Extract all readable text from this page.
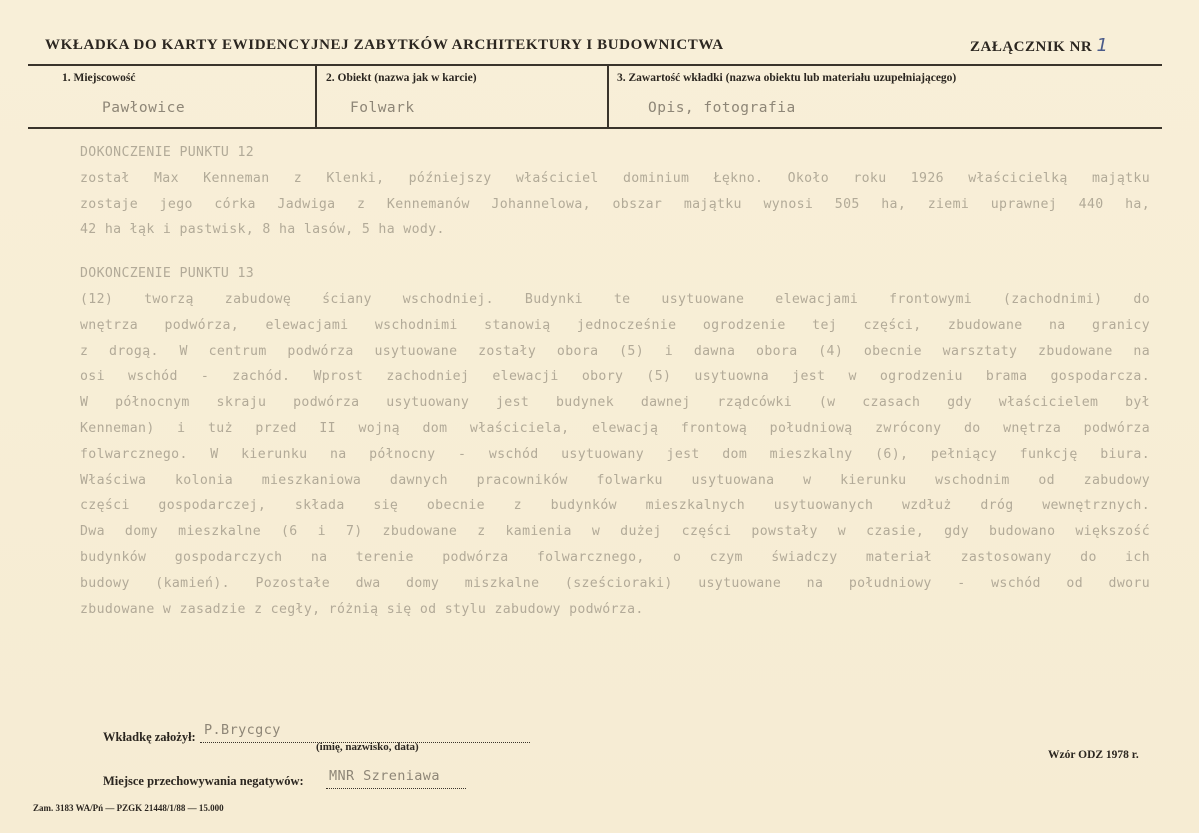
WKŁADKA DO KARTY EWIDENCYJNEJ ZABYTKÓW ARCHITEKTURY I BUDOWNICTWA	ZAŁĄCZNIK NR 1
1. Miejscowość
Pawłowice
2. Obiekt (nazwa jak w karcie)
Folwark
3. Zawartość wkładki (nazwa obiektu lub materiału uzupełniającego)
Opis, fotografia

DOKONCZENIE PUNKTU 12

został Max Kenneman z Klenki, późniejszy właściciel dominium Łękno. Około roku 1926 właścicielką majątku

zostaje jego córka Jadwiga z Kennemanów Johannelowa, obszar majątku wynosi 505 ha, ziemi uprawnej 440 ha,

42 ha łąk i pastwisk, 8 ha lasów, 5 ha wody.

DOKONCZENIE PUNKTU 13

(12) tworzą zabudowę ściany wschodniej. Budynki te usytuowane elewacjami frontowymi (zachodnimi) do

wnętrza podwórza, elewacjami wschodnimi stanowią jednocześnie ogrodzenie tej części, zbudowane na granicy

z drogą. W centrum podwórza usytuowane zostały obora (5) i dawna obora (4) obecnie warsztaty zbudowane na

osi wschód - zachód. Wprost zachodniej elewacji obory (5) usytuowna jest w ogrodzeniu brama gospodarcza.

W północnym skraju podwórza usytuowany jest budynek dawnej rządcówki (w czasach gdy właścicielem był

Kenneman) i tuż przed II wojną dom właściciela, elewacją frontową południową zwrócony do wnętrza podwórza

folwarcznego. W kierunku na północny - wschód usytuowany jest dom mieszkalny (6), pełniący funkcję biura.

Właściwa kolonia mieszkaniowa dawnych pracowników folwarku usytuowana w kierunku wschodnim od zabudowy

części gospodarczej, składa się obecnie z budynków mieszkalnych usytuowanych wzdłuż dróg wewnętrznych.

Dwa domy mieszkalne (6 i 7) zbudowane z kamienia w dużej części powstały w czasie, gdy budowano większość

budynków gospodarczych na terenie podwórza folwarcznego, o czym świadczy materiał zastosowany do ich

budowy (kamień). Pozostałe dwa domy miszkalne (sześcioraki) usytuowane na południowy - wschód od dworu

zbudowane w zasadzie z cegły, różnią się od stylu zabudowy podwórza.

Wkładkę założył: P.Brycgcy
(imię, nazwisko, data)
Wzór ODZ 1978 r.
Miejsce przechowywania negatywów: MNR Szreniawa
Zam. 3183 WA/Pń — PZGK 21448/1/88 — 15.000
